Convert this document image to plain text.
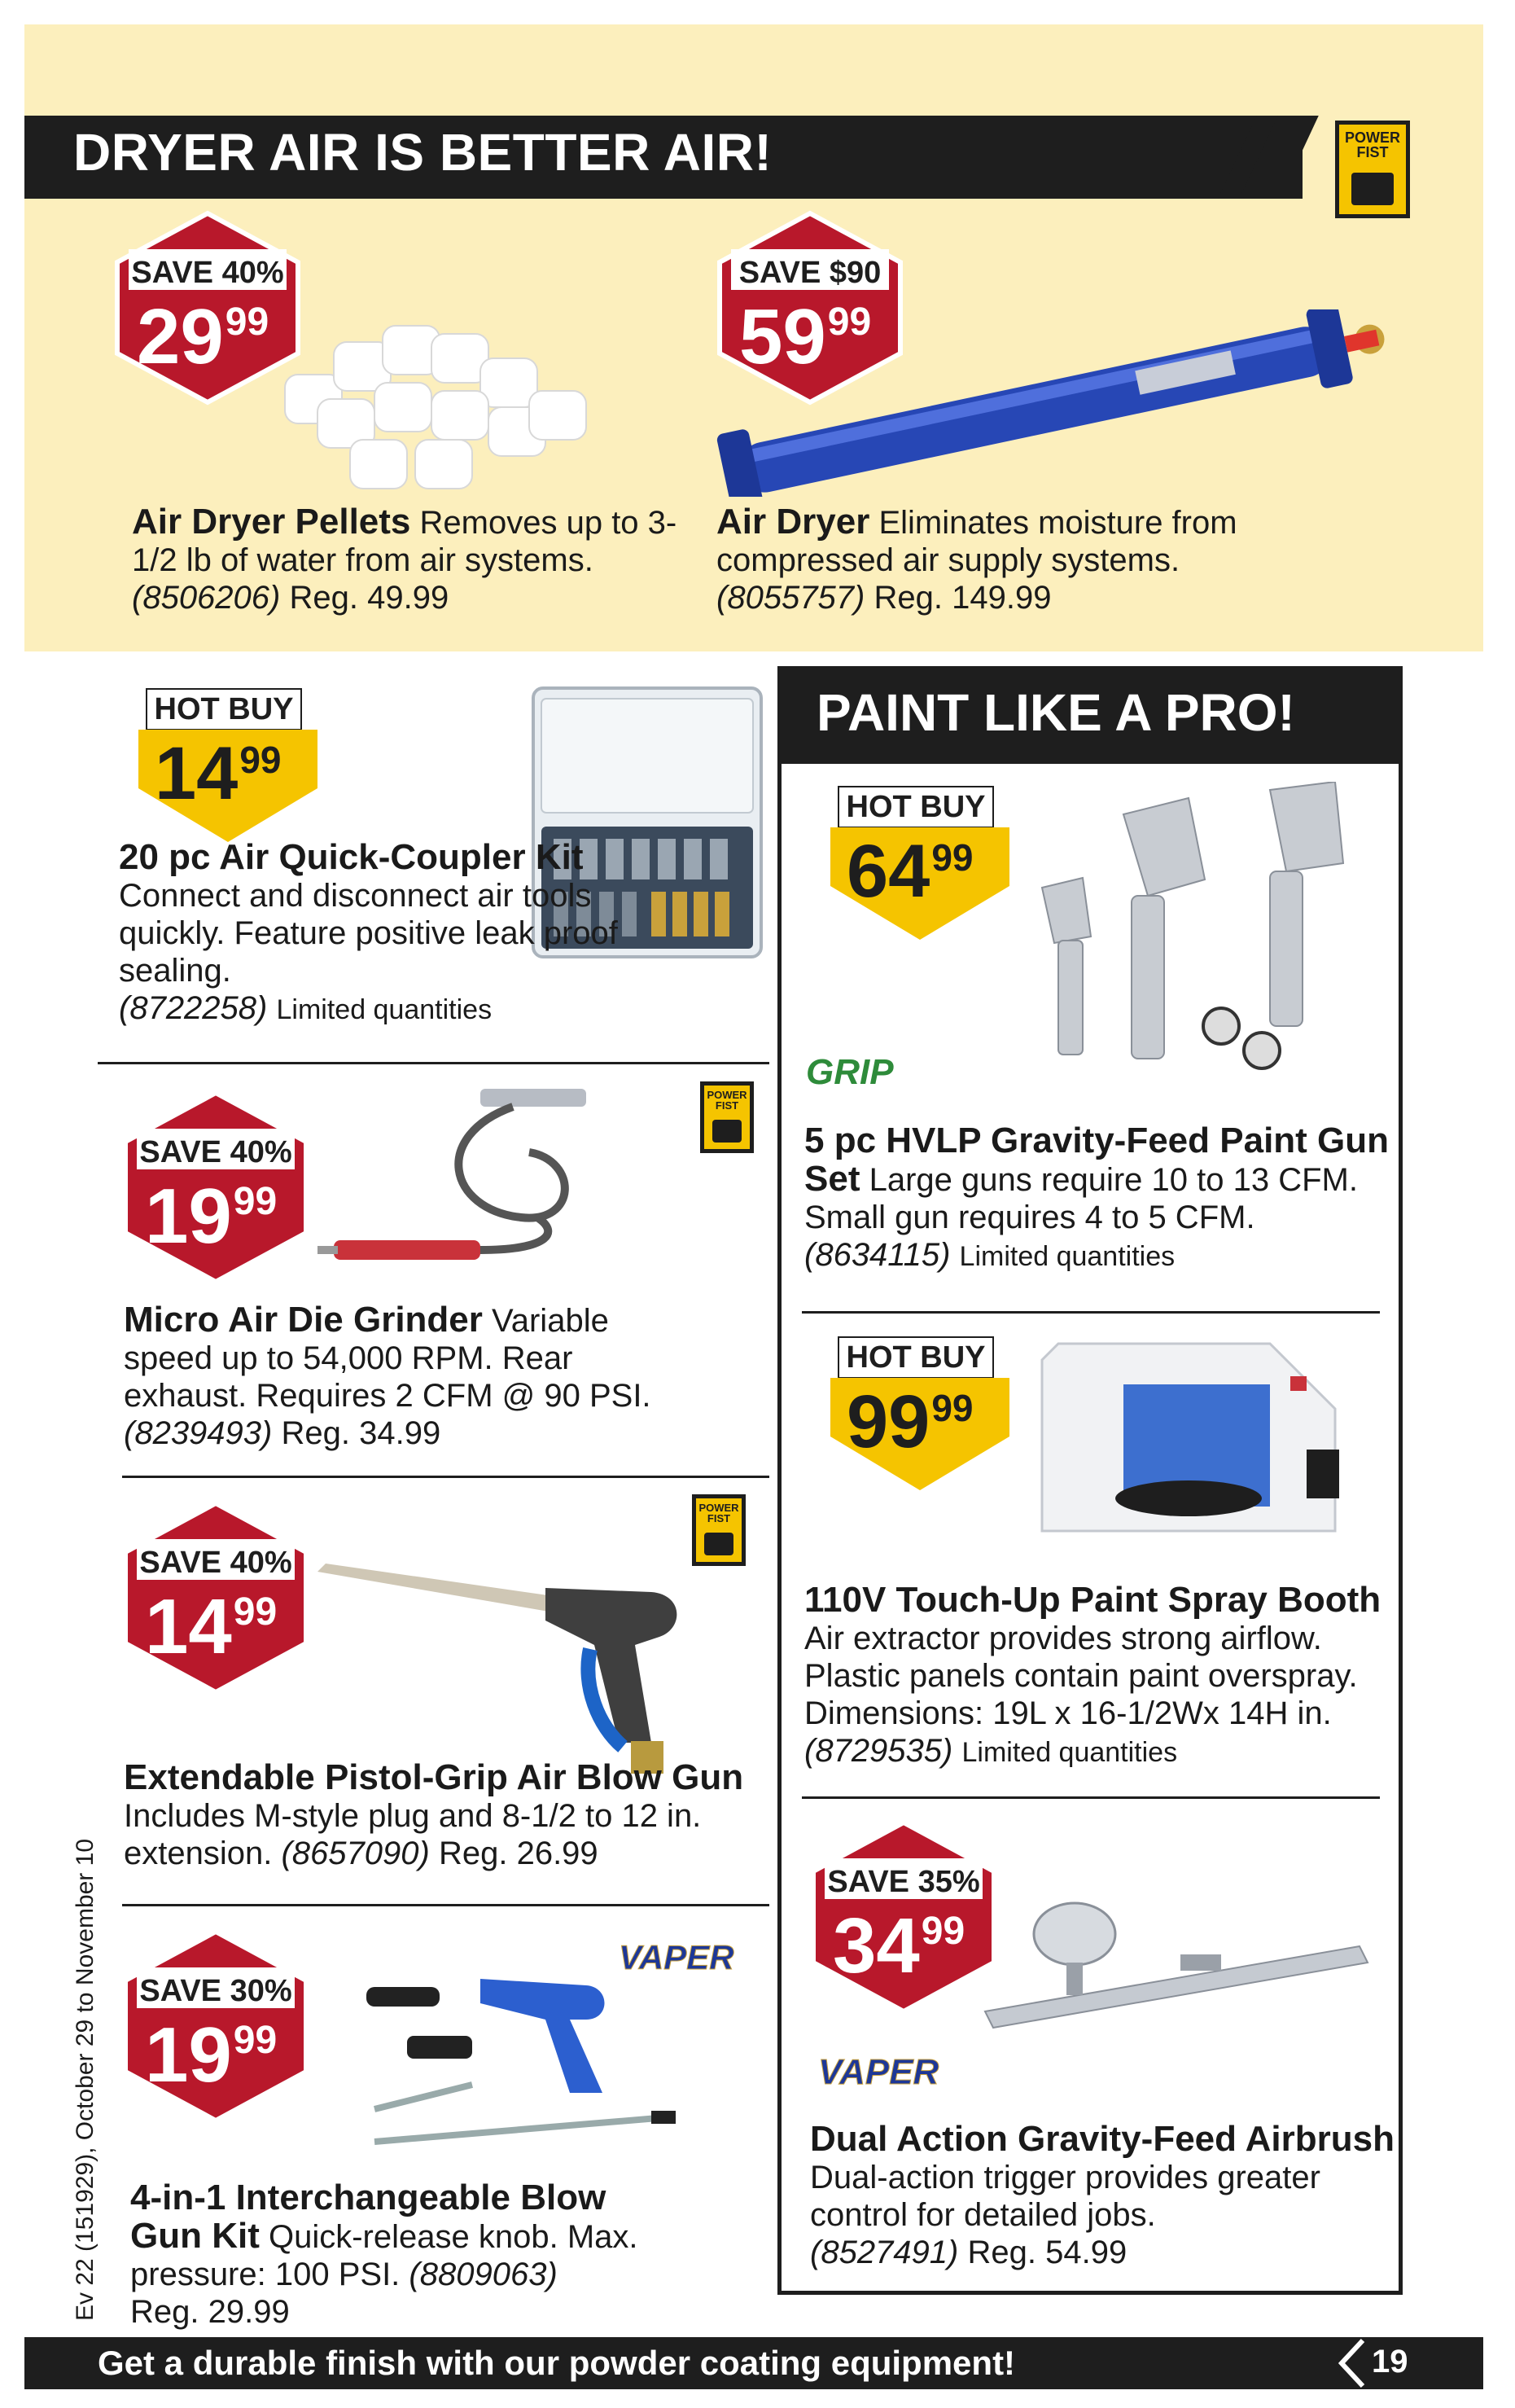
DRYER AIR IS BETTER AIR!	POWER FIST
SAVE 40%
$29^{99}$
SAVE $90
$59^{99}$
Air Dryer Pellets Removes up to 3-1/2 lb of water from air systems.
(8506206) Reg. 49.99
Air Dryer Eliminates moisture from compressed air supply systems.
(8055757) Reg. 149.99
HOT BUY
$14^{99}$
20 pc Air Quick-Coupler Kit Connect and disconnect air tools quickly. Feature positive leak proof sealing.
(8722258) Limited quantities
SAVE 40%
$19^{99}$
POWER FIST
Micro Air Die Grinder Variable speed up to 54,000 RPM. Rear exhaust. Requires 2 CFM @ 90 PSI.
(8239493) Reg. 34.99
SAVE 40%
$14^{99}$
POWER FIST
Extendable Pistol-Grip Air Blow Gun
Includes M-style plug and 8-1/2 to 12 in. extension. (8657090) Reg. 26.99
SAVE 30%
$19^{99}$
VAPER
4-in-1 Interchangeable Blow Gun Kit Quick-release knob. Max. pressure: 100 PSI. (8809063)
Reg. 29.99
Ev 22 (151929), October 29 to November 10
PAINT LIKE A PRO!
HOT BUY
$64^{99}$
GRIP
5 pc HVLP Gravity-Feed Paint Gun Set Large guns require 10 to 13 CFM. Small gun requires 4 to 5 CFM.
(8634115) Limited quantities
HOT BUY
$99^{99}$
110V Touch-Up Paint Spray Booth
Air extractor provides strong airflow. Plastic panels contain paint overspray. Dimensions: 19L x 16-1/2Wx 14H in.
(8729535) Limited quantities
SAVE 35%
$34^{99}$
VAPER
Dual Action Gravity-Feed Airbrush
Dual-action trigger provides greater control for detailed jobs.
(8527491) Reg. 54.99
Get a durable finish with our powder coating equipment!	19
